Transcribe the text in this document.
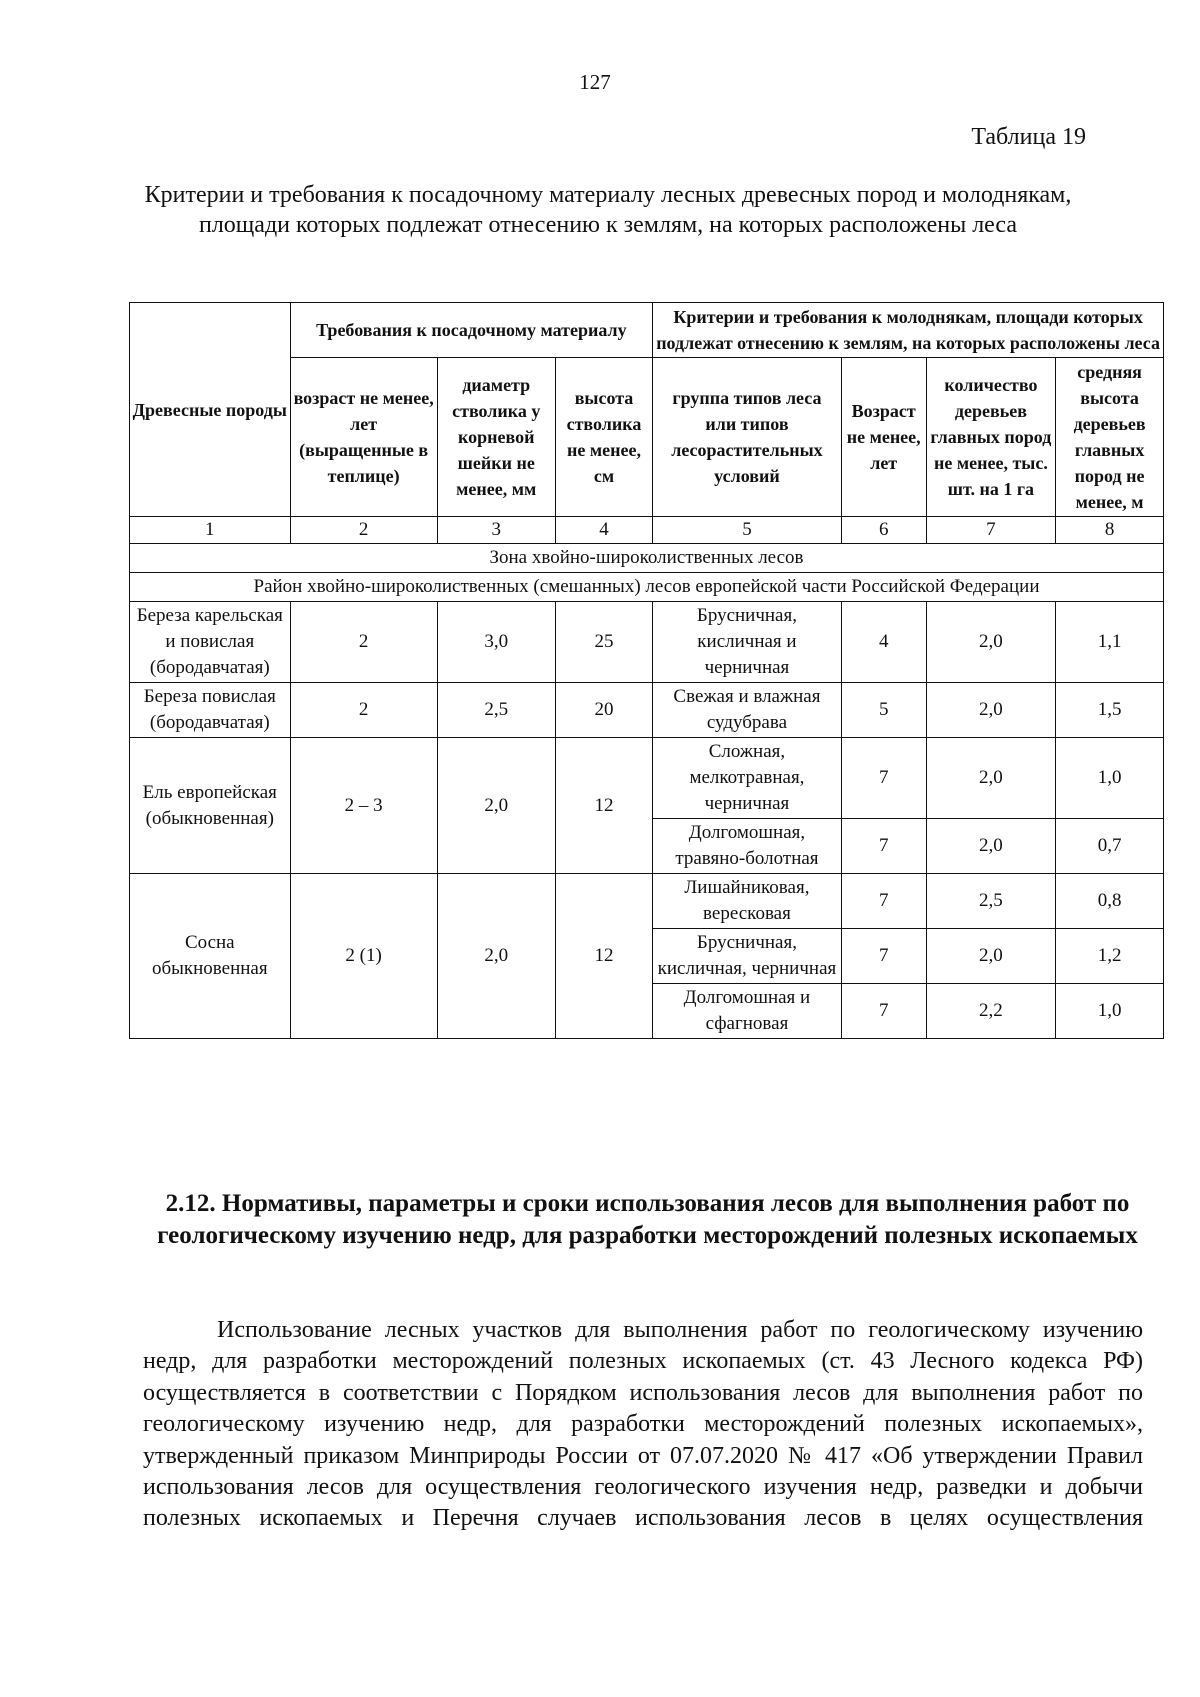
127
Таблица 19
Критерии и требования к посадочному материалу лесных древесных пород и молоднякам, площади которых подлежат отнесению к землям, на которых расположены леса
Древесные породы	Требования к посадочному материалу			Критерии и требования к молоднякам, площади которых подлежат отнесению к землям, на которых расположены леса			
	возраст не менее, лет (выращенные в теплице)	диаметр стволика у корневой шейки не менее, мм	высота стволика не менее, см	группа типов леса или типов лесорастительных условий	Возраст не менее, лет	количество деревьев главных пород не менее, тыс. шт. на 1 га	средняя высота деревьев главных пород не менее, м
1	2	3	4	5	6	7	8
Зона хвойно-широколиственных лесов							
Район хвойно-широколиственных (смешанных) лесов европейской части Российской Федерации							
Береза карельская и повислая (бородавчатая)	2	3,0	25	Брусничная, кисличная и черничная	4	2,0	1,1
Береза повислая (бородавчатая)	2	2,5	20	Свежая и влажная судубрава	5	2,0	1,5
Ель европейская (обыкновенная)	2 – 3	2,0	12	Сложная, мелкотравная, черничная	7	2,0	1,0
				Долгомошная, травяно-болотная	7	2,0	0,7
Сосна обыкновенная	2 (1)	2,0	12	Лишайниковая, вересковая	7	2,5	0,8
				Брусничная, кисличная, черничная	7	2,0	1,2
				Долгомошная и сфагновая	7	2,2	1,0
2.12. Нормативы, параметры и сроки использования лесов для выполнения работ по геологическому изучению недр, для разработки месторождений полезных ископаемых
Использование лесных участков для выполнения работ по геологическому изучению недр, для разработки месторождений полезных ископаемых (ст. 43 Лесного кодекса РФ) осуществляется в соответствии с Порядком использования лесов для выполнения работ по геологическому изучению недр, для разработки месторождений полезных ископаемых», утвержденный приказом Минприроды России от 07.07.2020 № 417 «Об утверждении Правил использования лесов для осуществления геологического изучения недр, разведки и добычи полезных ископаемых и Перечня случаев использования лесов в целях осуществления
